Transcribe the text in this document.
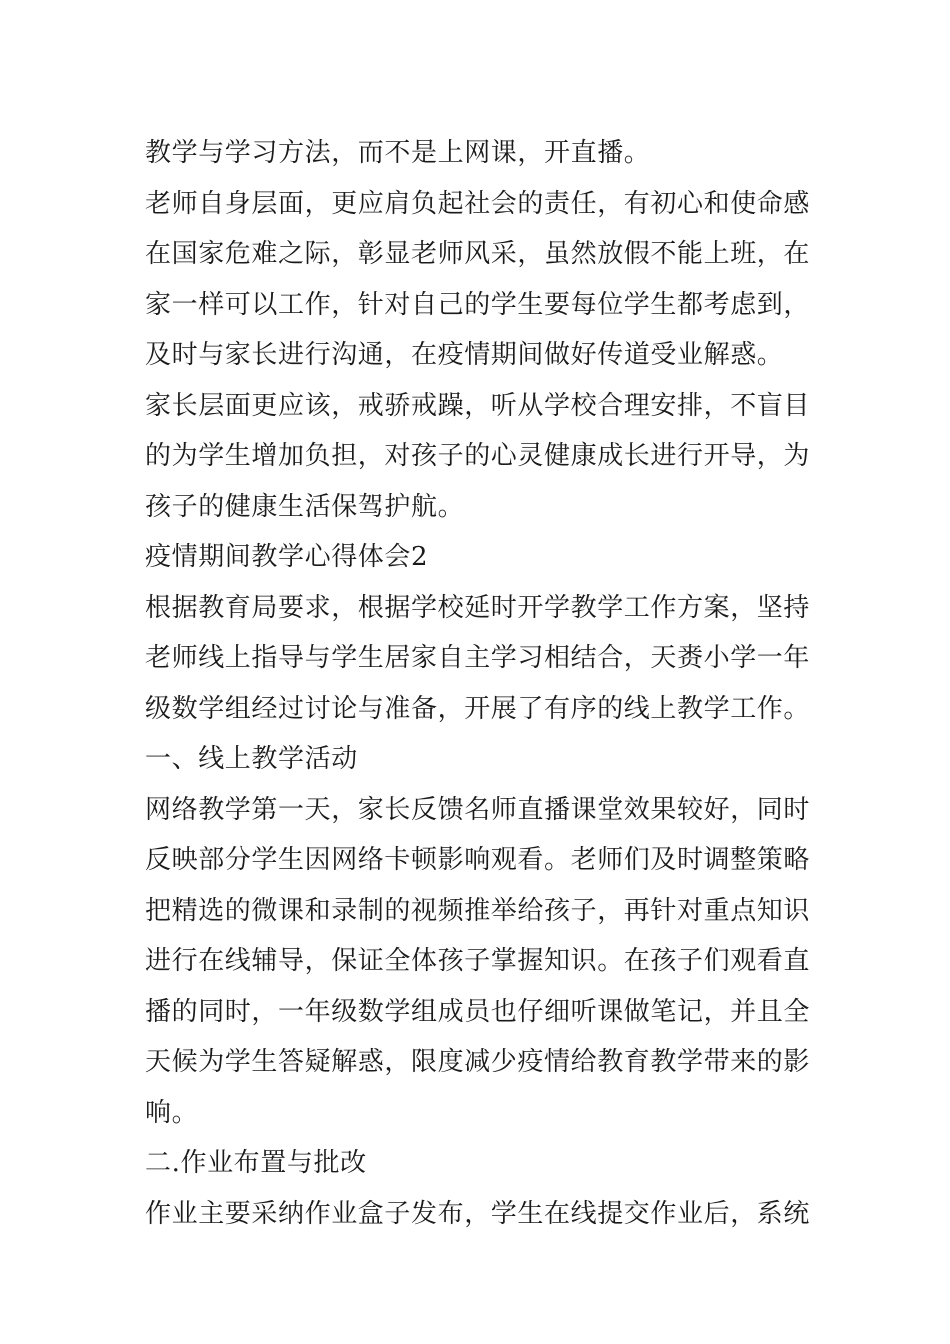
教学与学习方法，而不是上网课，开直播。

老师自身层面，更应肩负起社会的责任，有初心和使命感在国家危难之际，彰显老师风采，虽然放假不能上班，在家一样可以工作，针对自己的学生要每位学生都考虑到，及时与家长进行沟通，在疫情期间做好传道受业解惑。

家长层面更应该，戒骄戒躁，听从学校合理安排，不盲目的为学生增加负担，对孩子的心灵健康成长进行开导，为孩子的健康生活保驾护航。

疫情期间教学心得体会2

根据教育局要求，根据学校延时开学教学工作方案，坚持老师线上指导与学生居家自主学习相结合，天赉小学一年级数学组经过讨论与准备，开展了有序的线上教学工作。

一、线上教学活动

网络教学第一天，家长反馈名师直播课堂效果较好，同时反映部分学生因网络卡顿影响观看。老师们及时调整策略把精选的微课和录制的视频推举给孩子，再针对重点知识进行在线辅导，保证全体孩子掌握知识。在孩子们观看直播的同时，一年级数学组成员也仔细听课做笔记，并且全天候为学生答疑解惑，限度减少疫情给教育教学带来的影响。

二.作业布置与批改

作业主要采纳作业盒子发布，学生在线提交作业后，系统
